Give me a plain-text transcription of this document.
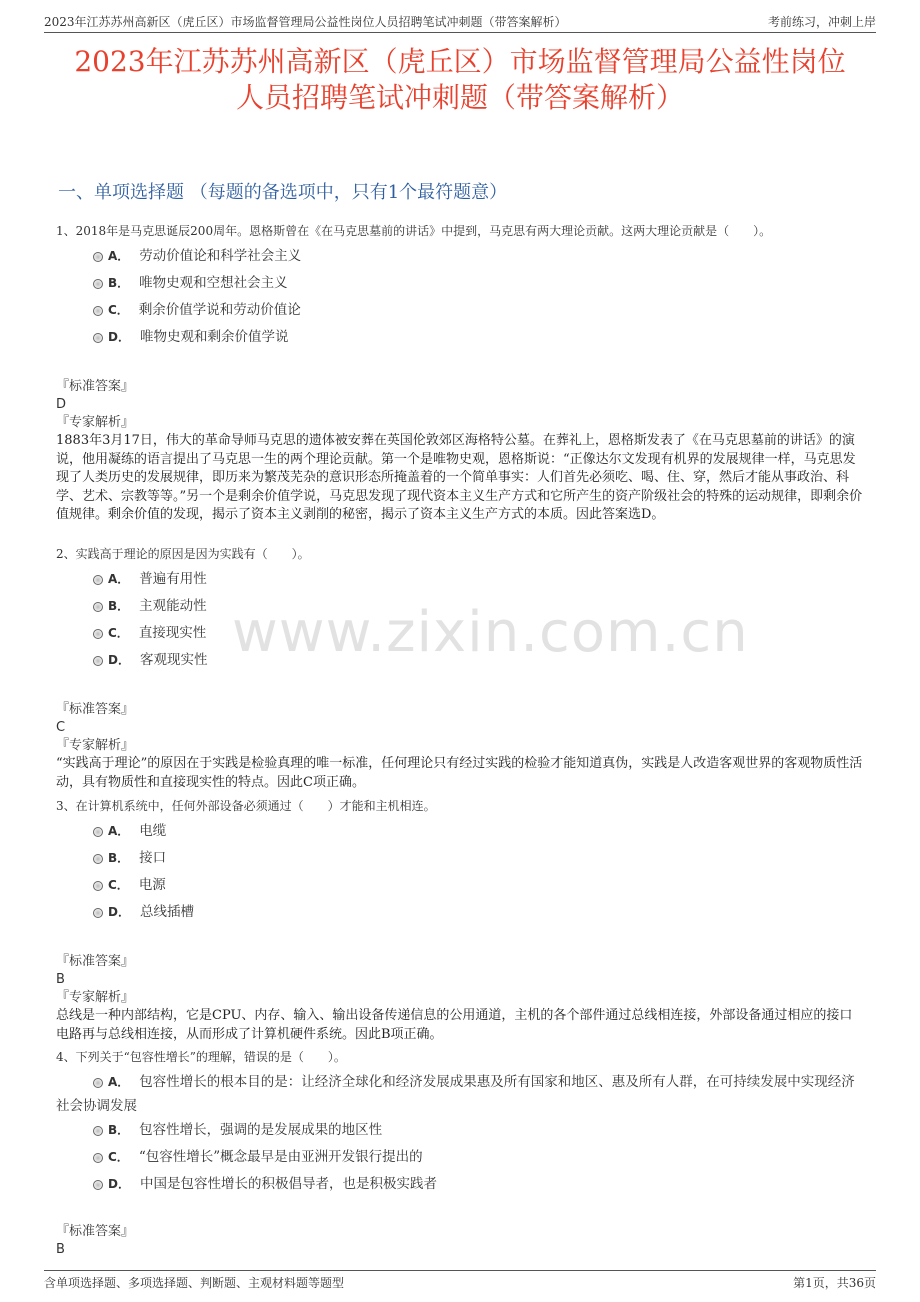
2023年江苏苏州高新区（虎丘区）市场监督管理局公益性岗位人员招聘笔试冲刺题（带答案解析）	考前练习，冲刺上岸
2023年江苏苏州高新区（虎丘区）市场监督管理局公益性岗位
人员招聘笔试冲刺题（带答案解析）
一、单项选择题 （每题的备选项中，只有1个最符题意）
www.zixin.com.cn
1、2018年是马克思诞辰200周年。恩格斯曾在《在马克思墓前的讲话》中提到，马克思有两大理论贡献。这两大理论贡献是（　　）。
A． 劳动价值论和科学社会主义
B． 唯物史观和空想社会主义
C． 剩余价值学说和劳动价值论
D． 唯物史观和剩余价值学说
『标准答案』
D
『专家解析』
1883年3月17日，伟大的革命导师马克思的遗体被安葬在英国伦敦郊区海格特公墓。在葬礼上，恩格斯发表了《在马克思墓前的讲话》的演说，他用凝练的语言提出了马克思一生的两个理论贡献。第一个是唯物史观，恩格斯说：“正像达尔文发现有机界的发展规律一样，马克思发现了人类历史的发展规律，即历来为繁茂芜杂的意识形态所掩盖着的一个简单事实：人们首先必须吃、喝、住、穿，然后才能从事政治、科学、艺术、宗教等等。”另一个是剩余价值学说，马克思发现了现代资本主义生产方式和它所产生的资产阶级社会的特殊的运动规律，即剩余价值规律。剩余价值的发现，揭示了资本主义剥削的秘密，揭示了资本主义生产方式的本质。因此答案选D。
2、实践高于理论的原因是因为实践有（　　）。
A． 普遍有用性
B． 主观能动性
C． 直接现实性
D． 客观现实性
『标准答案』
C
『专家解析』
“实践高于理论”的原因在于实践是检验真理的唯一标准，任何理论只有经过实践的检验才能知道真伪，实践是人改造客观世界的客观物质性活动，具有物质性和直接现实性的特点。因此C项正确。
3、在计算机系统中，任何外部设备必须通过（　　）才能和主机相连。
A． 电缆
B． 接口
C． 电源
D． 总线插槽
『标准答案』
B
『专家解析』
总线是一种内部结构，它是CPU、内存、输入、输出设备传递信息的公用通道，主机的各个部件通过总线相连接，外部设备通过相应的接口电路再与总线相连接，从而形成了计算机硬件系统。因此B项正确。
4、下列关于“包容性增长”的理解，错误的是（　　）。
A． 包容性增长的根本目的是：让经济全球化和经济发展成果惠及所有国家和地区、惠及所有人群，在可持续发展中实现经济社会协调发展
B． 包容性增长，强调的是发展成果的地区性
C． “包容性增长”概念最早是由亚洲开发银行提出的
D． 中国是包容性增长的积极倡导者，也是积极实践者
『标准答案』
B
含单项选择题、多项选择题、判断题、主观材料题等题型	第1页，共36页
